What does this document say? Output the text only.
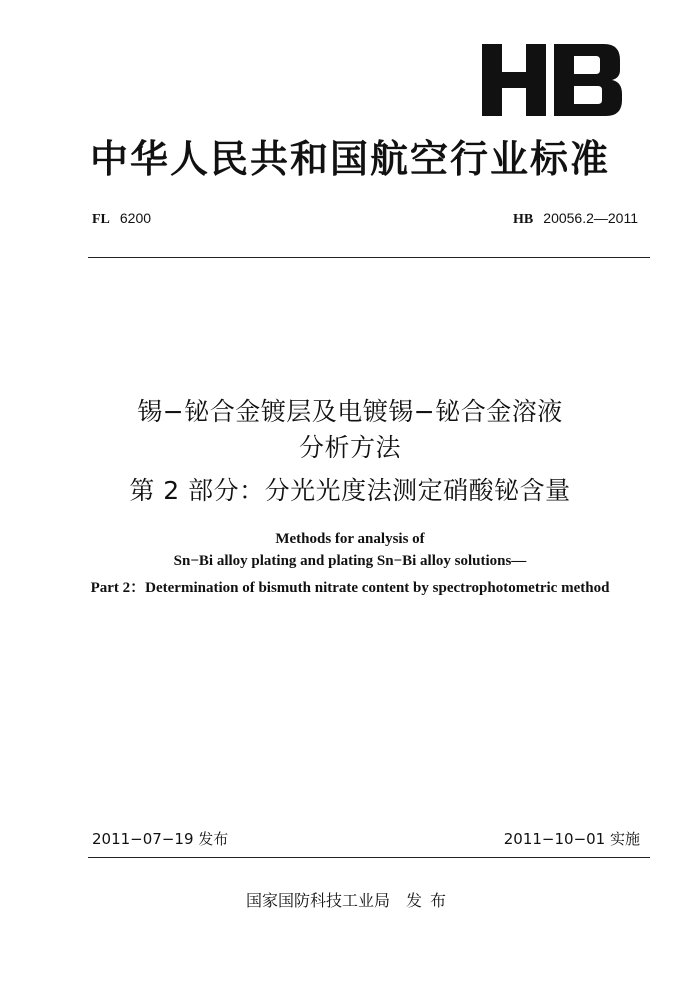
中华人民共和国航空行业标准
FL 6200	HB 20056.2—2011
锡−铋合金镀层及电镀锡−铋合金溶液
分析方法
第 2 部分：分光光度法测定硝酸铋含量
Methods for analysis of
Sn−Bi alloy plating and plating Sn−Bi alloy solutions—
Part 2：Determination of bismuth nitrate content by spectrophotometric method
2011−07−19 发布	2011−10−01 实施
国家国防科技工业局 发布
